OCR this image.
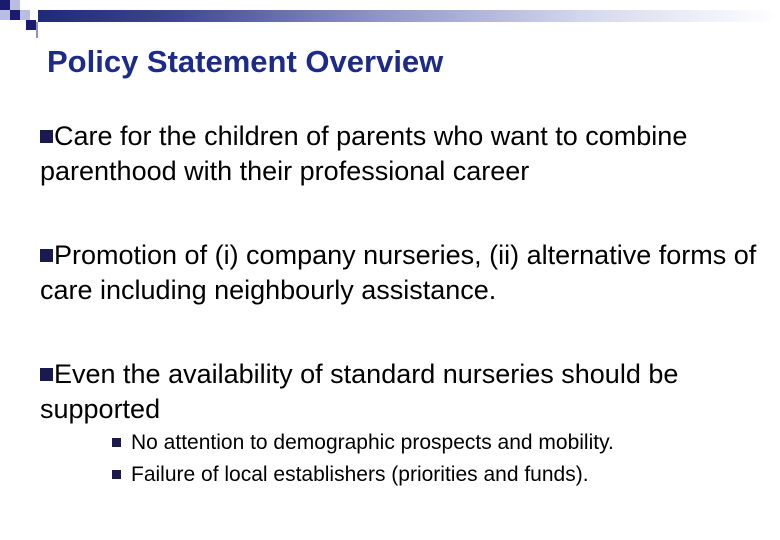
Policy Statement Overview
Care for the children of parents who want to combine parenthood with their professional career
Promotion of (i) company nurseries, (ii) alternative forms of care including neighbourly assistance.
Even the availability of standard nurseries should be supported
No attention to demographic prospects and mobility.
Failure of local establishers (priorities and funds).
